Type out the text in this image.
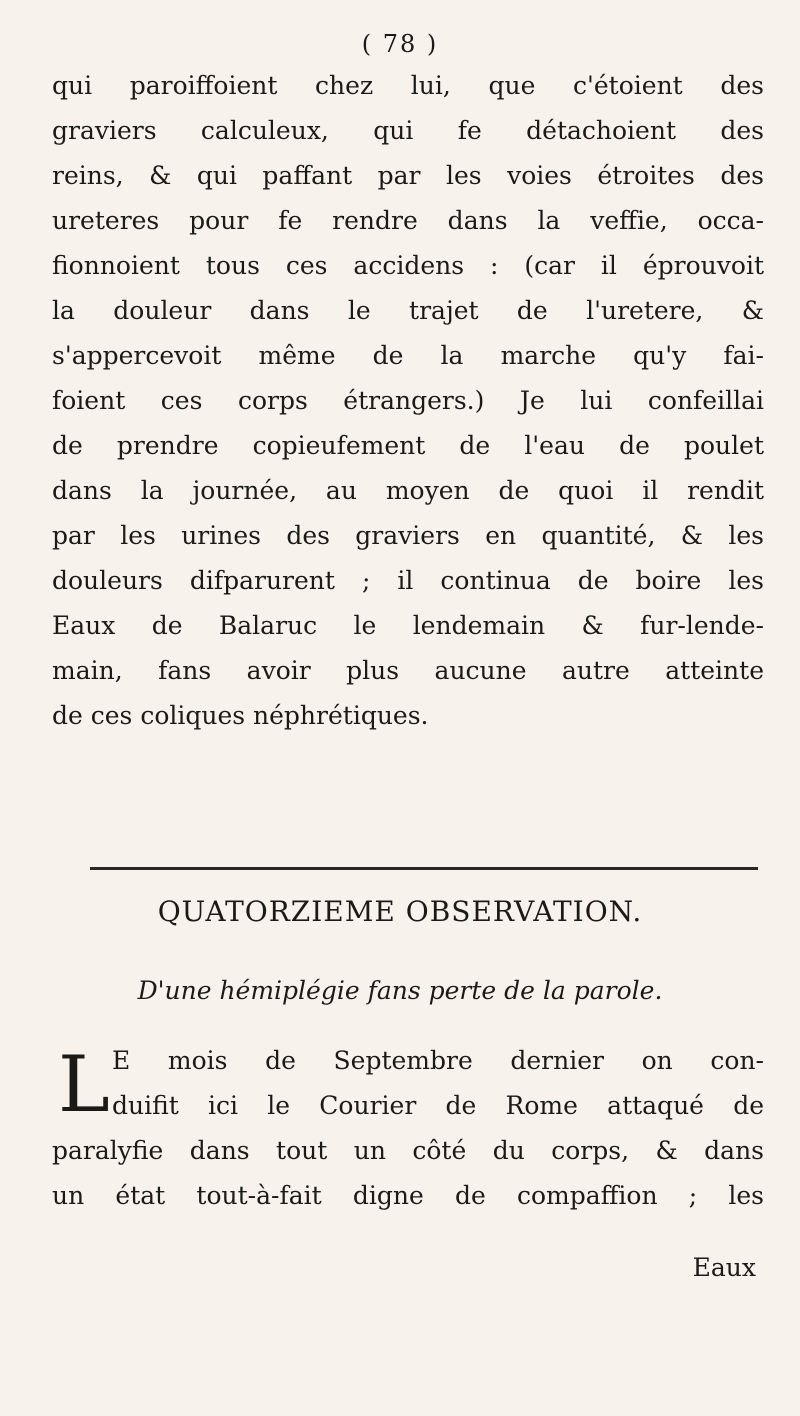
( 78 )
qui paroiffoient chez lui, que c'étoient des
graviers calculeux, qui fe détachoient des
reins, & qui paffant par les voies étroites des
ureteres pour fe rendre dans la veffie, occa-
fionnoient tous ces accidens : (car il éprouvoit
la douleur dans le trajet de l'uretere, &
s'appercevoit même de la marche qu'y fai-
foient ces corps étrangers.) Je lui confeillai
de prendre copieufement de l'eau de poulet
dans la journée, au moyen de quoi il rendit
par les urines des graviers en quantité, & les
douleurs difparurent ; il continua de boire les
Eaux de Balaruc le lendemain & fur-lende-
main, fans avoir plus aucune autre atteinte
de ces coliques néphrétiques.
QUATORZIEME OBSERVATION.
D'une hémiplégie fans perte de la parole.
L E mois de Septembre dernier on con-
duifit ici le Courier de Rome attaqué de
paralyfie dans tout un côté du corps, & dans
un état tout-à-fait digne de compaffion ; les
Eaux
